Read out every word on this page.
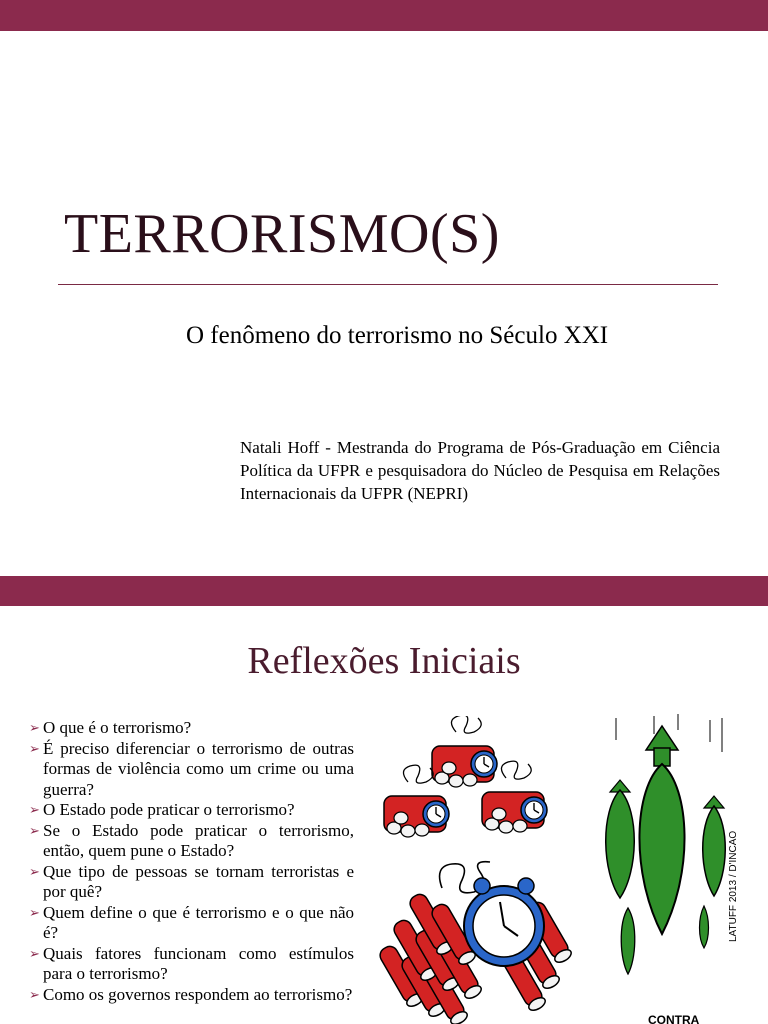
TERRORISMO(S)
O fenômeno do terrorismo no Século XXI
Natali Hoff - Mestranda do Programa de Pós-Graduação em Ciência Política da UFPR e pesquisadora do Núcleo de Pesquisa em Relações Internacionais da UFPR (NEPRI)
Reflexões Iniciais
➢ O que é o terrorismo?
➢ É preciso diferenciar o terrorismo de outras formas de violência como um crime ou uma guerra?
➢ O Estado pode praticar o terrorismo?
➢ Se o Estado pode praticar o terrorismo, então, quem pune o Estado?
➢ Que tipo de pessoas se tornam terroristas e por quê?
➢ Quem define o que é terrorismo e o que não é?
➢ Quais fatores funcionam como estímulos para o terrorismo?
➢ Como os governos respondem ao terrorismo?
LATUFF 2013 / D'INCAO
CONTRA
